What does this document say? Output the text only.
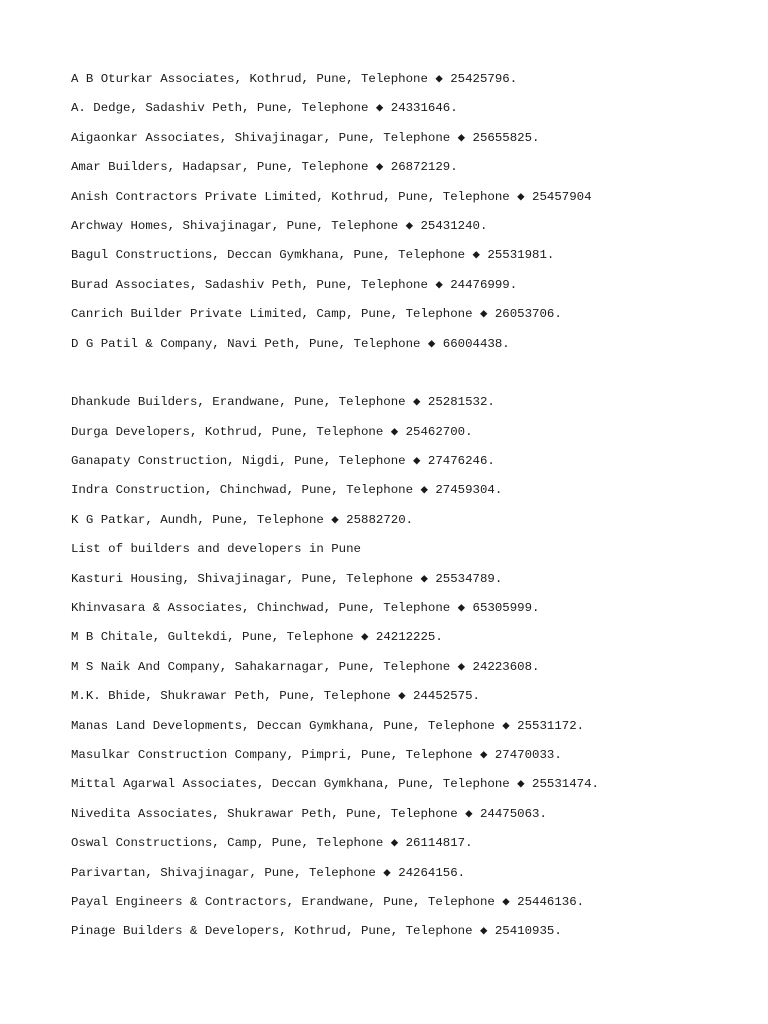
A B Oturkar Associates, Kothrud, Pune, Telephone ◆ 25425796.
A. Dedge, Sadashiv Peth, Pune, Telephone ◆ 24331646.
Aigaonkar Associates, Shivajinagar, Pune, Telephone ◆ 25655825.
Amar Builders, Hadapsar, Pune, Telephone ◆ 26872129.
Anish Contractors Private Limited, Kothrud, Pune, Telephone ◆ 25457904
Archway Homes, Shivajinagar, Pune, Telephone ◆ 25431240.
Bagul Constructions, Deccan Gymkhana, Pune, Telephone ◆ 25531981.
Burad Associates, Sadashiv Peth, Pune, Telephone ◆ 24476999.
Canrich Builder Private Limited, Camp, Pune, Telephone ◆ 26053706.
D G Patil & Company, Navi Peth, Pune, Telephone ◆ 66004438.
Dhankude Builders, Erandwane, Pune, Telephone ◆ 25281532.
Durga Developers, Kothrud, Pune, Telephone ◆ 25462700.
Ganapaty Construction, Nigdi, Pune, Telephone ◆ 27476246.
Indra Construction, Chinchwad, Pune, Telephone ◆ 27459304.
K G Patkar, Aundh, Pune, Telephone ◆ 25882720.
List of builders and developers in Pune
Kasturi Housing, Shivajinagar, Pune, Telephone ◆ 25534789.
Khinvasara & Associates, Chinchwad, Pune, Telephone ◆ 65305999.
M B Chitale, Gultekdi, Pune, Telephone ◆ 24212225.
M S Naik And Company, Sahakarnagar, Pune, Telephone ◆ 24223608.
M.K. Bhide, Shukrawar Peth, Pune, Telephone ◆ 24452575.
Manas Land Developments, Deccan Gymkhana, Pune, Telephone ◆ 25531172.
Masulkar Construction Company, Pimpri, Pune, Telephone ◆ 27470033.
Mittal Agarwal Associates, Deccan Gymkhana, Pune, Telephone ◆ 25531474.
Nivedita Associates, Shukrawar Peth, Pune, Telephone ◆ 24475063.
Oswal Constructions, Camp, Pune, Telephone ◆ 26114817.
Parivartan, Shivajinagar, Pune, Telephone ◆ 24264156.
Payal Engineers & Contractors, Erandwane, Pune, Telephone ◆ 25446136.
Pinage Builders & Developers, Kothrud, Pune, Telephone ◆ 25410935.
